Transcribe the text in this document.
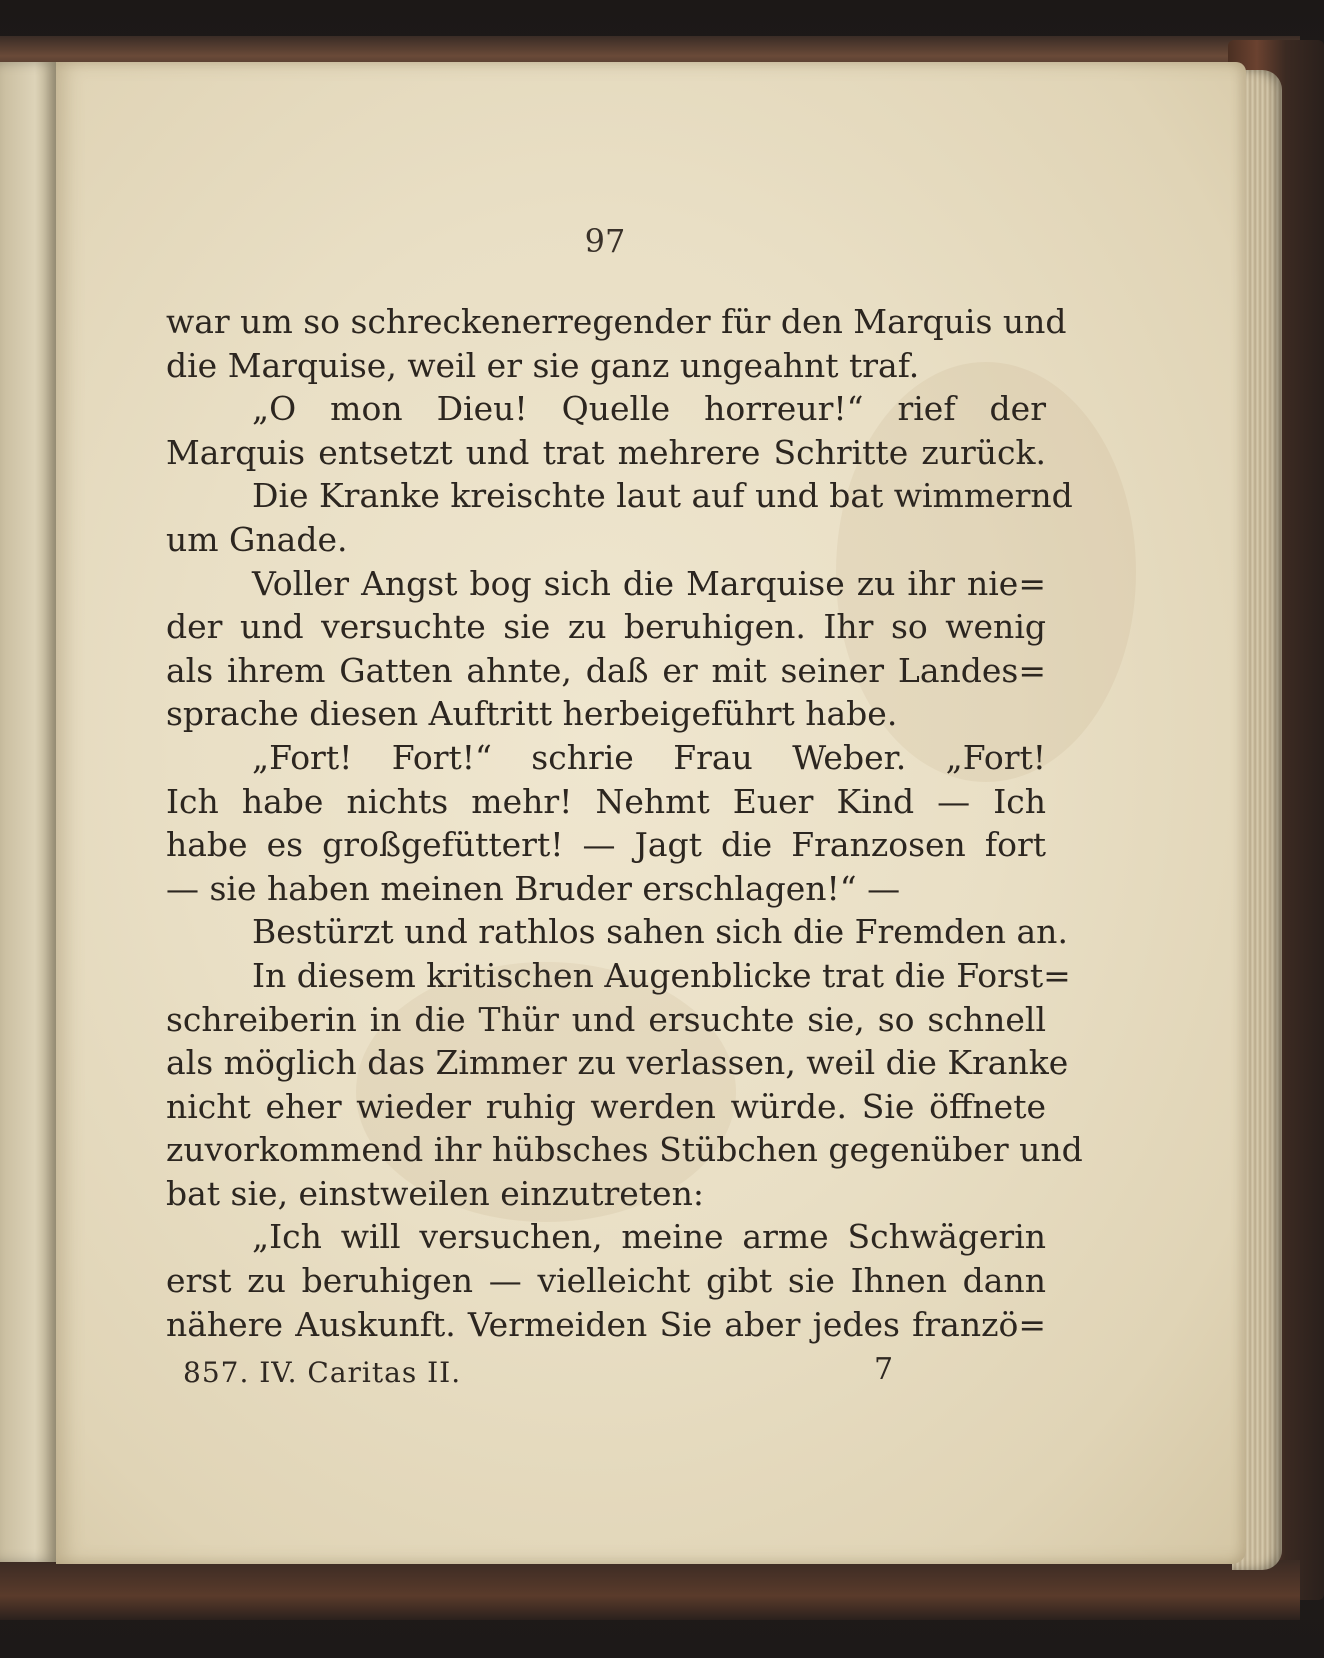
97
war um so schreckenerregender für den Marquis und
die Marquise, weil er sie ganz ungeahnt traf.
„O mon Dieu! Quelle horreur!“ rief der
Marquis entsetzt und trat mehrere Schritte zurück.
Die Kranke kreischte laut auf und bat wimmernd
um Gnade.
Voller Angst bog sich die Marquise zu ihr nie=
der und versuchte sie zu beruhigen. Ihr so wenig
als ihrem Gatten ahnte, daß er mit seiner Landes=
sprache diesen Auftritt herbeigeführt habe.
„Fort! Fort!“ schrie Frau Weber. „Fort!
Ich habe nichts mehr! Nehmt Euer Kind — Ich
habe es großgefüttert! — Jagt die Franzosen fort
— sie haben meinen Bruder erschlagen!“ —
Bestürzt und rathlos sahen sich die Fremden an.
In diesem kritischen Augenblicke trat die Forst=
schreiberin in die Thür und ersuchte sie, so schnell
als möglich das Zimmer zu verlassen, weil die Kranke
nicht eher wieder ruhig werden würde. Sie öffnete
zuvorkommend ihr hübsches Stübchen gegenüber und
bat sie, einstweilen einzutreten:
„Ich will versuchen, meine arme Schwägerin
erst zu beruhigen — vielleicht gibt sie Ihnen dann
nähere Auskunft. Vermeiden Sie aber jedes franzö=
857. IV. Caritas II.	7
